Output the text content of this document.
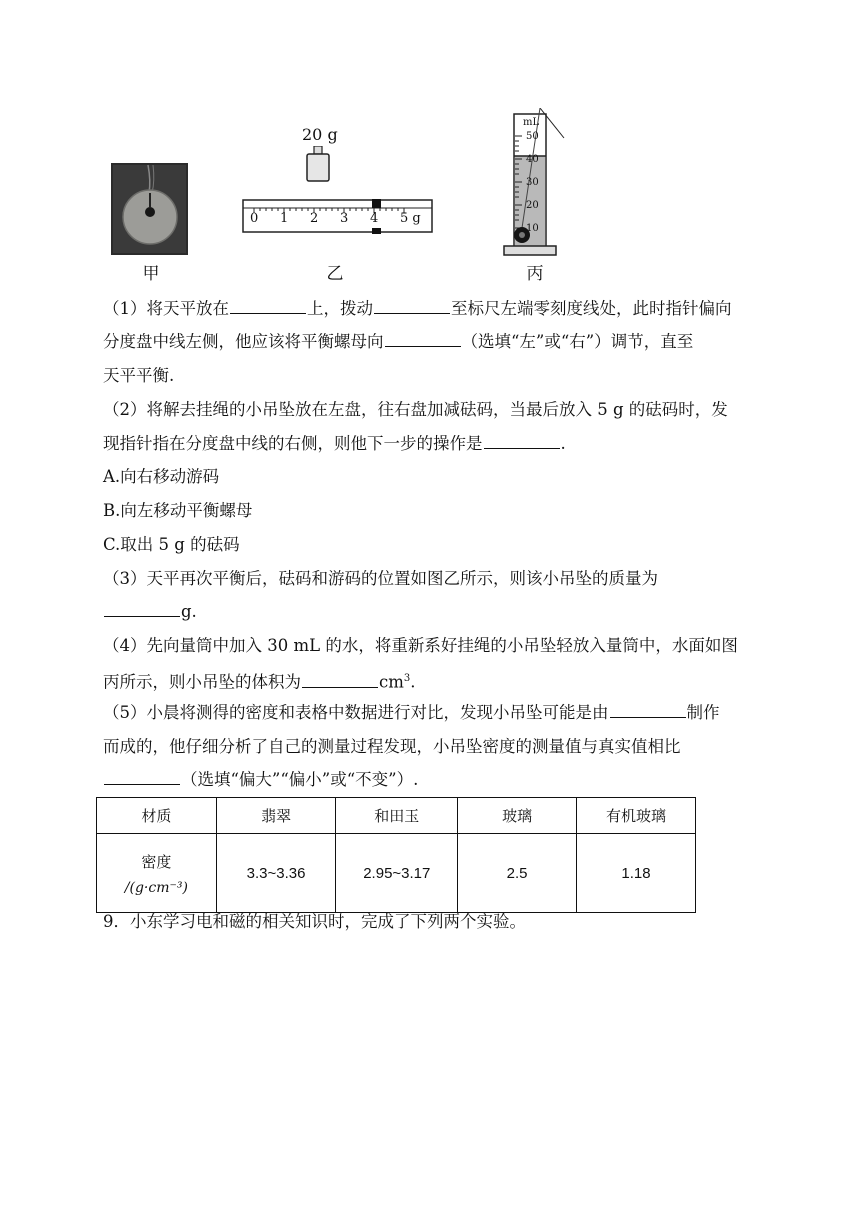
甲
20 g
0 1 2 3 4 5 g
乙
mL
50
40
30
20
10
丙
（1）将天平放在	上，拨动	至标尺左端零刻度线处，此时指针偏向
分度盘中线左侧，他应该将平衡螺母向	（选填“左”或“右”）调节，直至
天平平衡.
（2）将解去挂绳的小吊坠放在左盘，往右盘加减砝码，当最后放入 5 g 的砝码时，发
现指针指在分度盘中线的右侧，则他下一步的操作是	.
A.向右移动游码
B.向左移动平衡螺母
C.取出 5 g 的砝码
（3）天平再次平衡后，砝码和游码的位置如图乙所示，则该小吊坠的质量为
g.
（4）先向量筒中加入 30 mL 的水，将重新系好挂绳的小吊坠轻放入量筒中，水面如图
丙所示，则小吊坠的体积为	$cm^3$.
（5）小晨将测得的密度和表格中数据进行对比，发现小吊坠可能是由	制作
而成的，他仔细分析了自己的测量过程发现，小吊坠密度的测量值与真实值相比
（选填“偏大”“偏小”或“不变”）.
材质	翡翠	和田玉	玻璃	有机玻璃

密度
/(g·cm⁻³)	3.3~3.36	2.95~3.17	2.5	1.18
9．小东学习电和磁的相关知识时，完成了下列两个实验。
